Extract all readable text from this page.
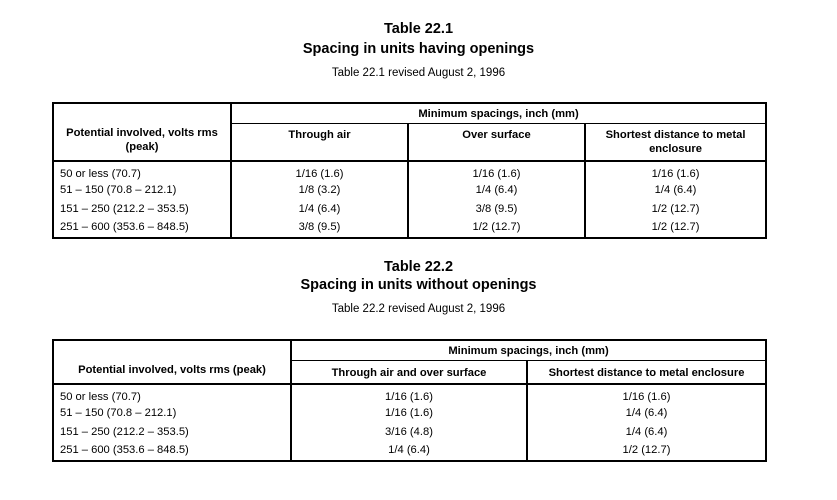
Table 22.1
Spacing in units having openings
Table 22.1 revised August 2, 1996
Potential involved, volts rms (peak)	Minimum spacings, inch (mm)		
	Through air	Over surface	Shortest distance to metal enclosure
50 or less (70.7)	1/16 (1.6)	1/16 (1.6)	1/16 (1.6)
51 – 150 (70.8 – 212.1)	1/8 (3.2)	1/4 (6.4)	1/4 (6.4)
151 – 250 (212.2 – 353.5)	1/4 (6.4)	3/8 (9.5)	1/2 (12.7)
251 – 600 (353.6 – 848.5)	3/8 (9.5)	1/2 (12.7)	1/2 (12.7)
Table 22.2
Spacing in units without openings
Table 22.2 revised August 2, 1996
Potential involved, volts rms (peak)	Minimum spacings, inch (mm)	
	Through air and over surface	Shortest distance to metal enclosure
50 or less (70.7)	1/16 (1.6)	1/16 (1.6)
51 – 150 (70.8 – 212.1)	1/16 (1.6)	1/4 (6.4)
151 – 250 (212.2 – 353.5)	3/16 (4.8)	1/4 (6.4)
251 – 600 (353.6 – 848.5)	1/4 (6.4)	1/2 (12.7)
